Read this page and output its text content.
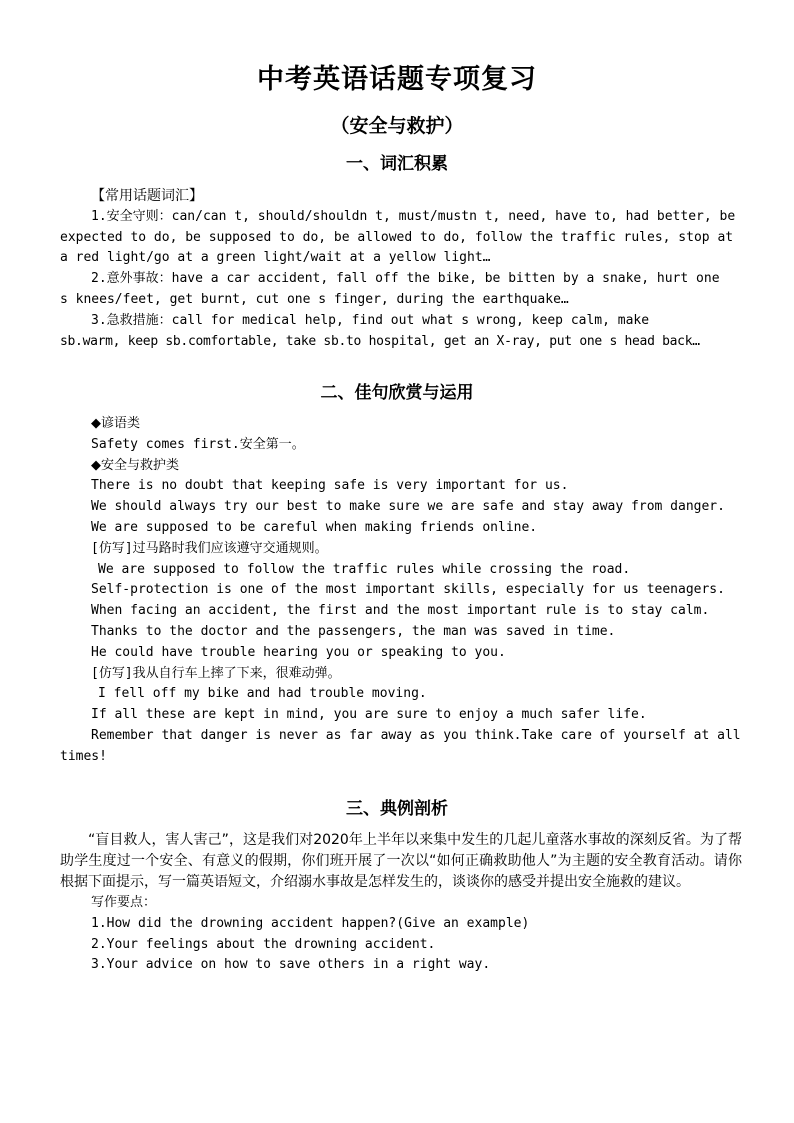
中考英语话题专项复习
（安全与救护）
一、词汇积累
【常用话题词汇】
1.安全守则：can/can t, should/shouldn t, must/mustn t, need, have to, had better, be
expected to do, be supposed to do, be allowed to do, follow the traffic rules, stop at
a red light/go at a green light/wait at a yellow light…
2.意外事故：have a car accident, fall off the bike, be bitten by a snake, hurt one
s knees/feet, get burnt, cut one s finger, during the earthquake…
3.急救措施：call for medical help, find out what s wrong, keep calm, make
sb.warm, keep sb.comfortable, take sb.to hospital, get an X-ray, put one s head back…
二、佳句欣赏与运用
◆谚语类
Safety comes first.安全第一。
◆安全与救护类
There is no doubt that keeping safe is very important for us.
We should always try our best to make sure we are safe and stay away from danger.
We are supposed to be careful when making friends online.
[仿写]过马路时我们应该遵守交通规则。
We are supposed to follow the traffic rules while crossing the road.
Self-protection is one of the most important skills, especially for us teenagers.
When facing an accident, the first and the most important rule is to stay calm.
Thanks to the doctor and the passengers, the man was saved in time.
He could have trouble hearing you or speaking to you.
[仿写]我从自行车上摔了下来，很难动弹。
I fell off my bike and had trouble moving.
If all these are kept in mind, you are sure to enjoy a much safer life.
Remember that danger is never as far away as you think.Take care of yourself at all
times!
三、典例剖析
“盲目救人，害人害己”，这是我们对2020年上半年以来集中发生的几起儿童落水事故的深刻反省。为了帮助学生度过一个安全、有意义的假期，你们班开展了一次以“如何正确救助他人”为主题的安全教育活动。请你根据下面提示，写一篇英语短文，介绍溺水事故是怎样发生的，谈谈你的感受并提出安全施救的建议。
写作要点：
1.How did the drowning accident happen?(Give an example)
2.Your feelings about the drowning accident.
3.Your advice on how to save others in a right way.
